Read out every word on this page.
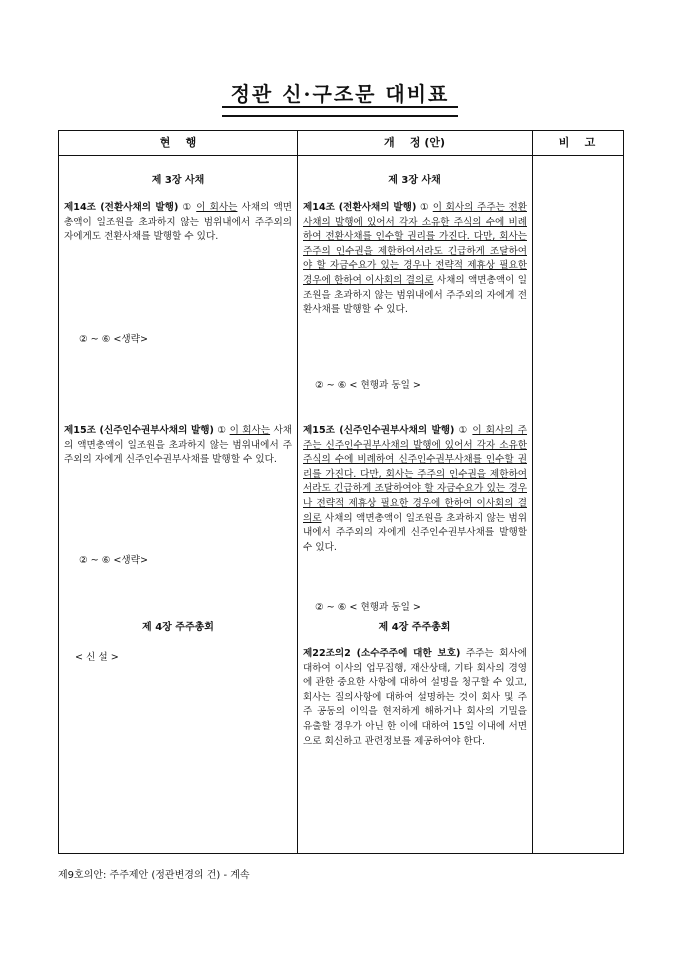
정관 신·구조문 대비표
현    행	개    정 (안)	비    고
제 3장 사채
제14조 (전환사채의 발행) ① 이 회사는 사채의 액면총액이 일조원을 초과하지 않는 범위내에서 주주외의 자에게도 전환사채를 발행할 수 있다.
② ~ ⑥ <생략>
제15조 (신주인수권부사채의 발행) ① 이 회사는 사채의 액면총액이 일조원을 초과하지 않는 범위내에서 주주외의 자에게 신주인수권부사채를 발행할 수 있다.
② ~ ⑥ <생략>
제 4장 주주총회
< 신 설 >
제 3장 사채
제14조 (전환사채의 발행) ① 이 회사의 주주는 전환사채의 발행에 있어서 각자 소유한 주식의 수에 비례하여 전환사채를 인수할 권리를 가진다. 다만, 회사는 주주의 인수권을 제한하여서라도 긴급하게 조달하여야 할 자금수요가 있는 경우나 전략적 제휴상 필요한 경우에 한하여 이사회의 결의로 사채의 액면총액이 일조원을 초과하지 않는 범위내에서 주주외의 자에게 전환사채를 발행할 수 있다.
② ~ ⑥ < 현행과 동일 >
제15조 (신주인수권부사채의 발행) ① 이 회사의 주주는 신주인수권부사채의 발행에 있어서 각자 소유한 주식의 수에 비례하여 신주인수권부사채를 인수할 권리를 가진다. 다만, 회사는 주주의 인수권을 제한하여서라도 긴급하게 조달하여야 할 자금수요가 있는 경우나 전략적 제휴상 필요한 경우에 한하여 이사회의 결의로 사채의 액면총액이 일조원을 초과하지 않는 범위내에서 주주외의 자에게 신주인수권부사채를 발행할 수 있다.
② ~ ⑥ < 현행과 동일 >
제 4장 주주총회
제22조의2 (소수주주에 대한 보호) 주주는 회사에 대하여 이사의 업무집행, 재산상태, 기타 회사의 경영에 관한 중요한 사항에 대하여 설명을 청구할 수 있고, 회사는 질의사항에 대하여 설명하는 것이 회사 및 주주 공동의 이익을 현저하게 해하거나 회사의 기밀을 유출할 경우가 아닌 한 이에 대하여 15일 이내에 서면으로 회신하고 관련정보를 제공하여야 한다.
제9호의안: 주주제안 (정관변경의 건) - 계속
